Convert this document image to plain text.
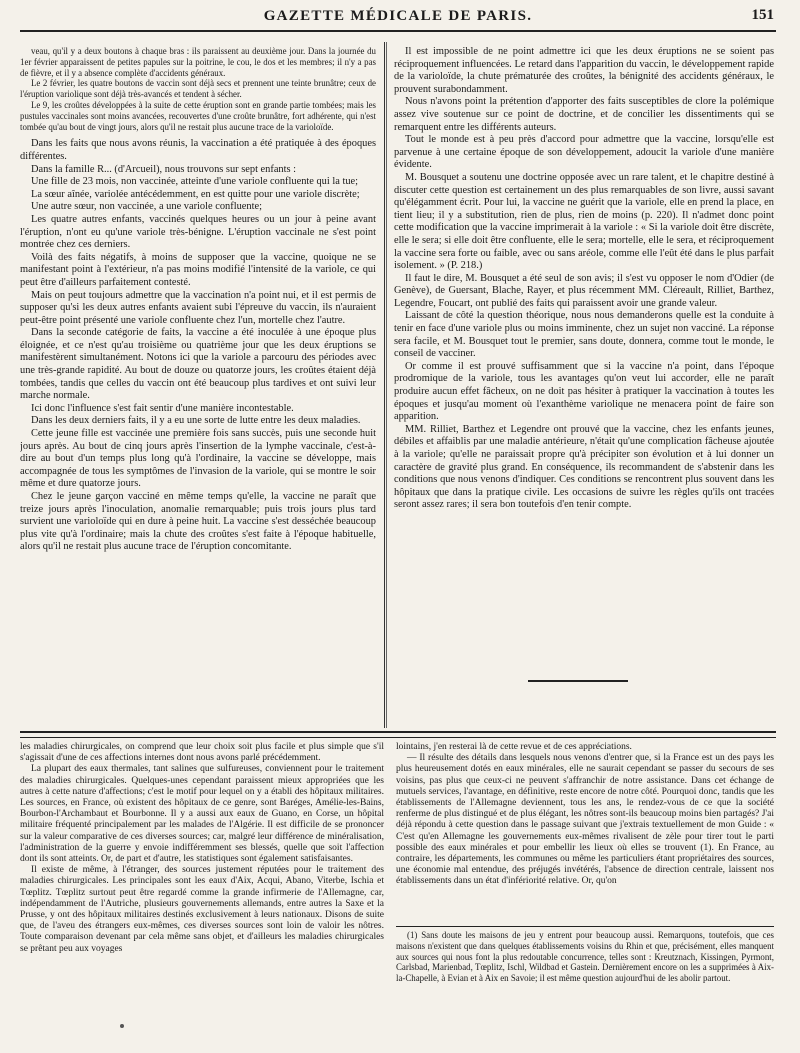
GAZETTE MÉDICALE DE PARIS.	151

veau, qu'il y a deux boutons à chaque bras : ils paraissent au deuxième jour. Dans la journée du 1er février apparaissent de petites papules sur la poitrine, le cou, le dos et les membres; il n'y a pas de fièvre, et il y a absence complète d'accidents généraux.

Le 2 février, les quatre boutons de vaccin sont déjà secs et prennent une teinte brunâtre; ceux de l'éruption variolique sont déjà très-avancés et tendent à sécher.

Le 9, les croûtes développées à la suite de cette éruption sont en grande partie tombées; mais les pustules vaccinales sont moins avancées, recouvertes d'une croûte brunâtre, fort adhérente, qui n'est tombée qu'au bout de vingt jours, alors qu'il ne restait plus aucune trace de la varioloïde.

Dans les faits que nous avons réunis, la vaccination a été pratiquée à des époques différentes.

Dans la famille R... (d'Arcueil), nous trouvons sur sept enfants :

Une fille de 23 mois, non vaccinée, atteinte d'une variole confluente qui la tue;

La sœur aînée, variolée antécédemment, en est quitte pour une variole discrète;

Une autre sœur, non vaccinée, a une variole confluente;

Les quatre autres enfants, vaccinés quelques heures ou un jour à peine avant l'éruption, n'ont eu qu'une variole très-bénigne. L'éruption vaccinale ne s'est point montrée chez ces derniers.

Voilà des faits négatifs, à moins de supposer que la vaccine, quoique ne se manifestant point à l'extérieur, n'a pas moins modifié l'intensité de la variole, ce qui peut être d'ailleurs parfaitement contesté.

Mais on peut toujours admettre que la vaccination n'a point nui, et il est permis de supposer qu'si les deux autres enfants avaient subi l'épreuve du vaccin, ils n'auraient peut-être point présenté une variole confluente chez l'un, mortelle chez l'autre.

Dans la seconde catégorie de faits, la vaccine a été inoculée à une époque plus éloignée, et ce n'est qu'au troisième ou quatrième jour que les deux éruptions se manifestèrent simultanément. Notons ici que la variole a parcouru des périodes avec une très-grande rapidité. Au bout de douze ou quatorze jours, les croûtes étaient déjà tombées, tandis que celles du vaccin ont été beaucoup plus tardives et ont suivi leur marche normale.

Ici donc l'influence s'est fait sentir d'une manière incontestable.

Dans les deux derniers faits, il y a eu une sorte de lutte entre les deux maladies.

Cette jeune fille est vaccinée une première fois sans succès, puis une seconde huit jours après. Au bout de cinq jours après l'insertion de la lymphe vaccinale, c'est-à-dire au bout d'un temps plus long qu'à l'ordinaire, la vaccine se développe, mais accompagnée de tous les symptômes de l'invasion de la variole, qui se montre le soir même et dure quatorze jours.

Chez le jeune garçon vacciné en même temps qu'elle, la vaccine ne paraît que treize jours après l'inoculation, anomalie remarquable; puis trois jours plus tard survient une varioloïde qui en dure à peine huit. La vaccine s'est desséchée beaucoup plus vite qu'à l'ordinaire; mais la chute des croûtes s'est faite à l'époque habituelle, alors qu'il ne restait plus aucune trace de l'éruption concomitante.

Il est impossible de ne point admettre ici que les deux éruptions ne se soient pas réciproquement influencées. Le retard dans l'apparition du vaccin, le développement rapide de la varioloïde, la chute prématurée des croûtes, la bénignité des accidents généraux, le prouvent surabondamment.

Nous n'avons point la prétention d'apporter des faits susceptibles de clore la polémique assez vive soutenue sur ce point de doctrine, et de concilier les dissentiments qui se remarquent entre les différents auteurs.

Tout le monde est à peu près d'accord pour admettre que la vaccine, lorsqu'elle est parvenue à une certaine époque de son développement, adoucit la variole d'une manière évidente.

M. Bousquet a soutenu une doctrine opposée avec un rare talent, et le chapitre destiné à discuter cette question est certainement un des plus remarquables de son livre, aussi savant qu'élégamment écrit. Pour lui, la vaccine ne guérit que la variole, elle en prend la place, en tient lieu; il y a substitution, rien de plus, rien de moins (p. 220). Il n'admet donc point cette modification que la vaccine imprimerait à la variole : « Si la variole doit être discrète, elle le sera; si elle doit être confluente, elle le sera; mortelle, elle le sera, et réciproquement la vaccine sera forte ou faible, avec ou sans aréole, comme elle l'eût été dans le plus parfait isolement. » (P. 218.)

Il faut le dire, M. Bousquet a été seul de son avis; il s'est vu opposer le nom d'Odier (de Genève), de Guersant, Blache, Rayer, et plus récemment MM. Cléreault, Rilliet, Barthez, Legendre, Foucart, ont publié des faits qui paraissent avoir une grande valeur.

Laissant de côté la question théorique, nous nous demanderons quelle est la conduite à tenir en face d'une variole plus ou moins imminente, chez un sujet non vacciné. La réponse sera facile, et M. Bousquet tout le premier, sans doute, donnera, comme tout le monde, le conseil de vacciner.

Or comme il est prouvé suffisamment que si la vaccine n'a point, dans l'époque prodromique de la variole, tous les avantages qu'on veut lui accorder, elle ne paraît produire aucun effet fâcheux, on ne doit pas hésiter à pratiquer la vaccination à toutes les époques et jusqu'au moment où l'exanthème variolique ne menacera point de faire son apparition.

MM. Rilliet, Barthez et Legendre ont prouvé que la vaccine, chez les enfants jeunes, débiles et affaiblis par une maladie antérieure, n'était qu'une complication fâcheuse ajoutée à la variole; qu'elle ne paraissait propre qu'à précipiter son évolution et à lui donner un caractère de gravité plus grand. En conséquence, ils recommandent de s'abstenir dans les conditions que nous venons d'indiquer. Ces conditions se rencontrent plus souvent dans les hôpitaux que dans la pratique civile. Les occasions de suivre les règles qu'ils ont tracées seront assez rares; il sera bon toutefois d'en tenir compte.

les maladies chirurgicales, on comprend que leur choix soit plus facile et plus simple que s'il s'agissait d'une de ces affections internes dont nous avons parlé précédemment.

La plupart des eaux thermales, tant salines que sulfureuses, conviennent pour le traitement des maladies chirurgicales. Quelques-unes cependant paraissent mieux appropriées que les autres à cette nature d'affections; c'est le motif pour lequel on y a établi des hôpitaux militaires. Les sources, en France, où existent des hôpitaux de ce genre, sont Baréges, Amélie-les-Bains, Bourbon-l'Archambaut et Bourbonne. Il y a aussi aux eaux de Guano, en Corse, un hôpital militaire fréquenté principalement par les malades de l'Algérie. Il est difficile de se prononcer sur la valeur comparative de ces diverses sources; car, malgré leur différence de minéralisation, l'administration de la guerre y envoie indifféremment ses blessés, quelle que soit l'affection dont ils sont atteints. Or, de part et d'autre, les statistiques sont également satisfaisantes.

Il existe de même, à l'étranger, des sources justement réputées pour le traitement des maladies chirurgicales. Les principales sont les eaux d'Aix, Acqui, Abano, Viterbe, Ischia et Tœplitz. Tœplitz surtout peut être regardé comme la grande infirmerie de l'Allemagne, car, indépendamment de l'Autriche, plusieurs gouvernements allemands, entre autres la Saxe et la Prusse, y ont des hôpitaux militaires destinés exclusivement à leurs nationaux. Disons de suite que, de l'aveu des étrangers eux-mêmes, ces diverses sources sont loin de valoir les nôtres. Toute comparaison devenant par cela même sans objet, et d'ailleurs les maladies chirurgicales se prêtant peu aux voyages

lointains, j'en resterai là de cette revue et de ces appréciations.

— Il résulte des détails dans lesquels nous venons d'entrer que, si la France est un des pays les plus heureusement dotés en eaux minérales, elle ne saurait cependant se passer du secours de ses voisins, pas plus que ceux-ci ne peuvent s'affranchir de notre assistance. Dans cet échange de mutuels services, l'avantage, en définitive, reste encore de notre côté. Pourquoi donc, tandis que les établissements de l'Allemagne deviennent, tous les ans, le rendez-vous de ce que la société renferme de plus distingué et de plus élégant, les nôtres sont-ils beaucoup moins bien partagés? J'ai déjà répondu à cette question dans le passage suivant que j'extrais textuellement de mon Guide : « C'est qu'en Allemagne les gouvernements eux-mêmes rivalisent de zèle pour tirer tout le parti possible des eaux minérales et pour embellir les lieux où elles se trouvent (1). En France, au contraire, les départements, les communes ou même les particuliers étant propriétaires des sources, une économie mal entendue, des préjugés invétérés, l'absence de direction centrale, laissent nos établissements dans un état d'infériorité relative. Or, qu'on

(1) Sans doute les maisons de jeu y entrent pour beaucoup aussi. Remarquons, toutefois, que ces maisons n'existent que dans quelques établissements voisins du Rhin et que, précisément, elles manquent aux sources qui nous font la plus redoutable concurrence, telles sont : Kreutznach, Kissingen, Pyrmont, Carlsbad, Marienbad, Tœplitz, Ischl, Wildbad et Gastein. Dernièrement encore on les a supprimées à Aix-la-Chapelle, à Evian et à Aix en Savoie; il est même question aujourd'hui de les abolir partout.
